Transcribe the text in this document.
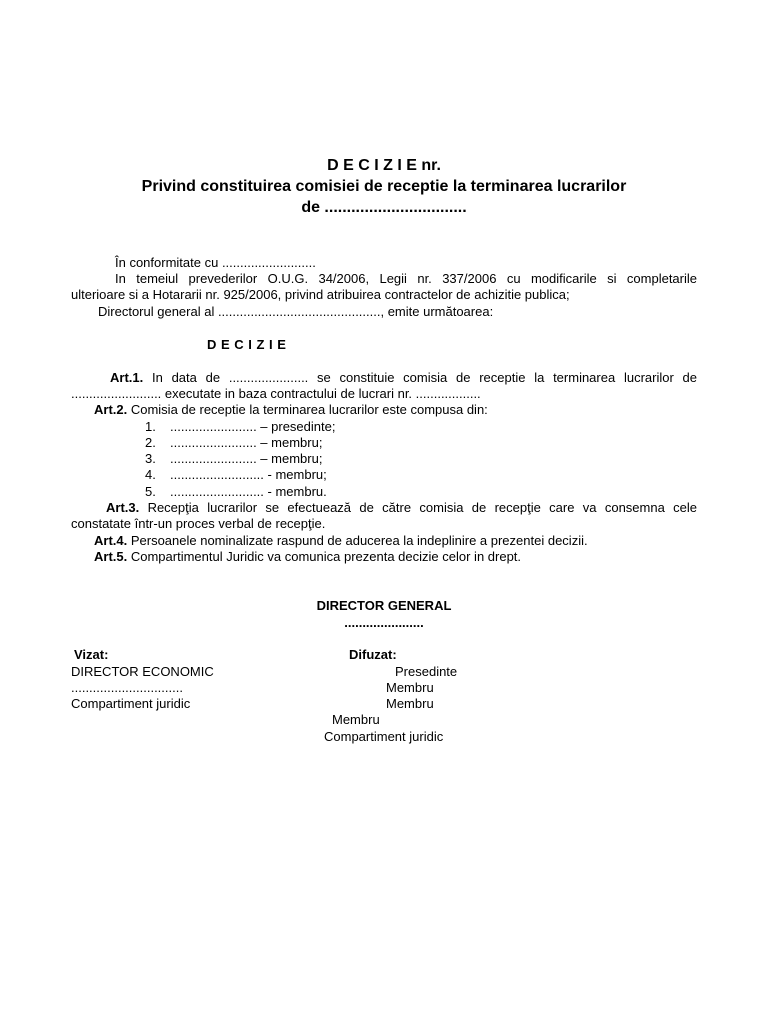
D E C I Z I E nr.
Privind constituirea comisiei de receptie la terminarea lucrarilor
de ................................
În conformitate cu ..........................
In temeiul prevederilor O.U.G. 34/2006, Legii nr. 337/2006 cu modificarile si completarile
ulterioare si a Hotararii nr. 925/2006, privind atribuirea contractelor de achizitie publica;
Directorul general al ............................................., emite următoarea:
D E C I Z I E
Art.1. In data de ...................... se constituie comisia de receptie la terminarea lucrarilor de
......................... executate in baza contractului de lucrari nr. ..................
Art.2. Comisia de receptie la terminarea lucrarilor este compusa din:
1. ........................ – presedinte;
2. ........................ – membru;
3. ........................ – membru;
4. .......................... - membru;
5. .......................... - membru.
Art.3. Recepţia lucrarilor se efectuează de către comisia de recepţie care va consemna cele
constatate într-un proces verbal de recepţie.
Art.4. Persoanele nominalizate raspund de aducerea la indeplinire a prezentei decizii.
Art.5. Compartimentul Juridic va comunica prezenta decizie celor in drept.
DIRECTOR GENERAL
......................
Vizat:
DIRECTOR ECONOMIC
...............................
Compartiment juridic
Difuzat:
Presedinte
Membru
Membru
Membru
Compartiment juridic
